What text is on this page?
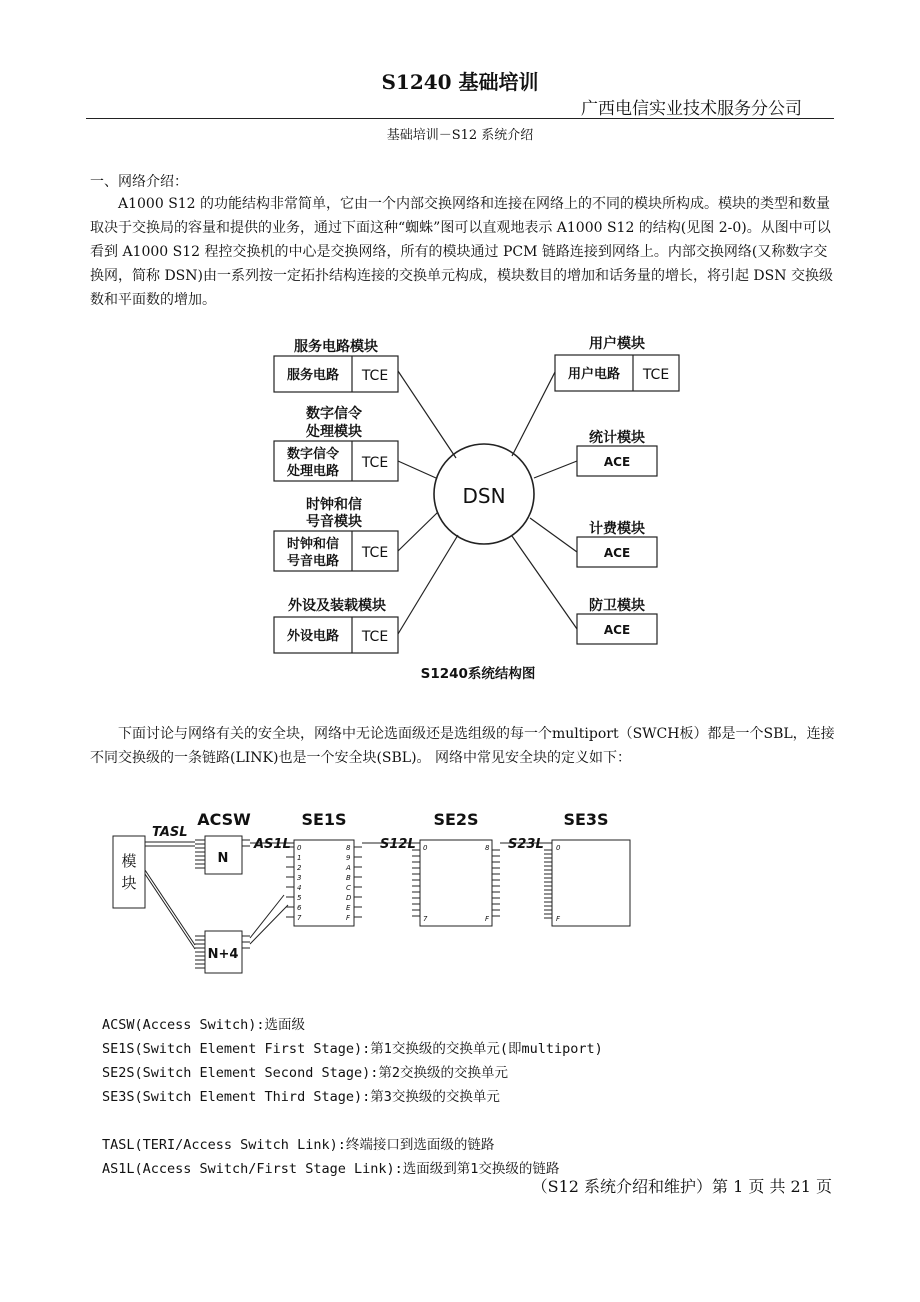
S1240 基础培训
广西电信实业技术服务分公司
基础培训－S12 系统介绍
一、网络介绍：
　　A1000 S12 的功能结构非常简单，它由一个内部交换网络和连接在网络上的不同的模块所构成。模块的类型和数量取决于交换局的容量和提供的业务，通过下面这种“蜘蛛”图可以直观地表示 A1000 S12 的结构(见图 2-0)。从图中可以看到 A1000 S12 程控交换机的中心是交换网络，所有的模块通过 PCM 链路连接到网络上。内部交换网络(又称数字交换网，简称 DSN)由一系列按一定拓扑结构连接的交换单元构成，模块数目的增加和话务量的增长，将引起 DSN 交换级数和平面数的增加。
DSN
服务电路模块
服务电路 TCE
数字信令
处理模块
数字信令
处理电路
TCE
时钟和信
号音模块
时钟和信
号音电路
TCE
外设及装载模块
外设电路 TCE
用户模块
用户电路 TCE
统计模块
ACE
计费模块
ACE
防卫模块
ACE
S1240系统结构图
　　下面讨论与网络有关的安全块，网络中无论选面级还是选组级的每一个multiport（SWCH板）都是一个SBL，连接不同交换级的一条链路(LINK)也是一个安全块(SBL)。 网络中常见安全块的定义如下：
模
块
ACSW	SE1S	SE2S	SE3S
TASL
AS1L	S12L	S23L
N
N+4
0
1
2
3
4
5
6
7
8
9
A
B
C
D
E
F
0
7
8
F
0
F
ACSW(Access Switch):选面级
SE1S(Switch Element First Stage):第1交换级的交换单元(即multiport)
SE2S(Switch Element Second Stage):第2交换级的交换单元
SE3S(Switch Element Third Stage):第3交换级的交换单元
TASL(TERI/Access Switch Link):终端接口到选面级的链路
AS1L(Access Switch/First Stage Link):选面级到第1交换级的链路
（S12 系统介绍和维护）第 1 页 共 21 页
